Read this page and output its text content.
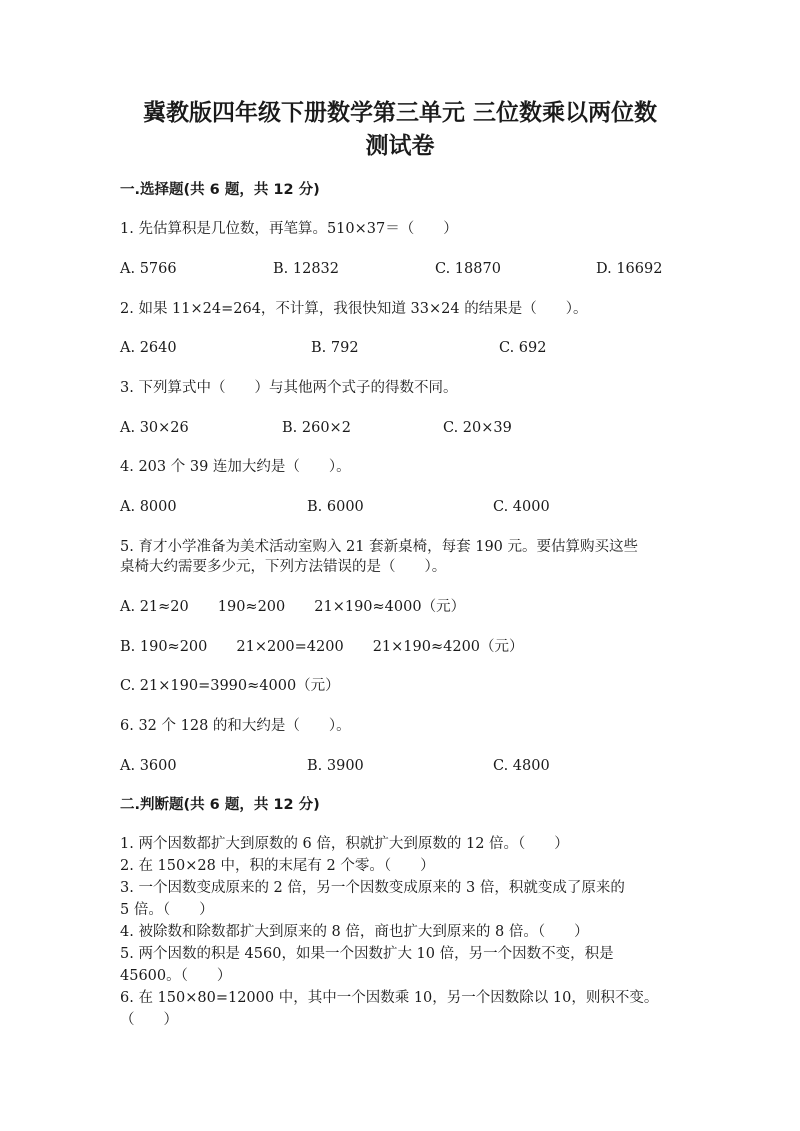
冀教版四年级下册数学第三单元 三位数乘以两位数
测试卷
一.选择题(共 6 题，共 12 分)
1. 先估算积是几位数，再笔算。510×37＝（　　）
A. 5766	B. 12832	C. 18870	D. 16692
2. 如果 11×24=264，不计算，我很快知道 33×24 的结果是（　　）。
A. 2640	B. 792	C. 692
3. 下列算式中（　　）与其他两个式子的得数不同。
A. 30×26	B. 260×2	C. 20×39
4. 203 个 39 连加大约是（　　）。
A. 8000	B. 6000	C. 4000
5. 育才小学准备为美术活动室购入 21 套新桌椅，每套 190 元。要估算购买这些
桌椅大约需要多少元，下列方法错误的是（　　）。
A. 21≈20　　190≈200　　21×190≈4000（元）
B. 190≈200　　21×200=4200　　21×190≈4200（元）
C. 21×190=3990≈4000（元）
6. 32 个 128 的和大约是（　　）。
A. 3600	B. 3900	C. 4800
二.判断题(共 6 题，共 12 分)
1. 两个因数都扩大到原数的 6 倍，积就扩大到原数的 12 倍。（　　）
2. 在 150×28 中，积的末尾有 2 个零。（　　）
3. 一个因数变成原来的 2 倍，另一个因数变成原来的 3 倍，积就变成了原来的
5 倍。（　　）
4. 被除数和除数都扩大到原来的 8 倍，商也扩大到原来的 8 倍。（　　）
5. 两个因数的积是 4560，如果一个因数扩大 10 倍，另一个因数不变，积是
45600。（　　）
6. 在 150×80=12000 中，其中一个因数乘 10，另一个因数除以 10，则积不变。
（　　）
